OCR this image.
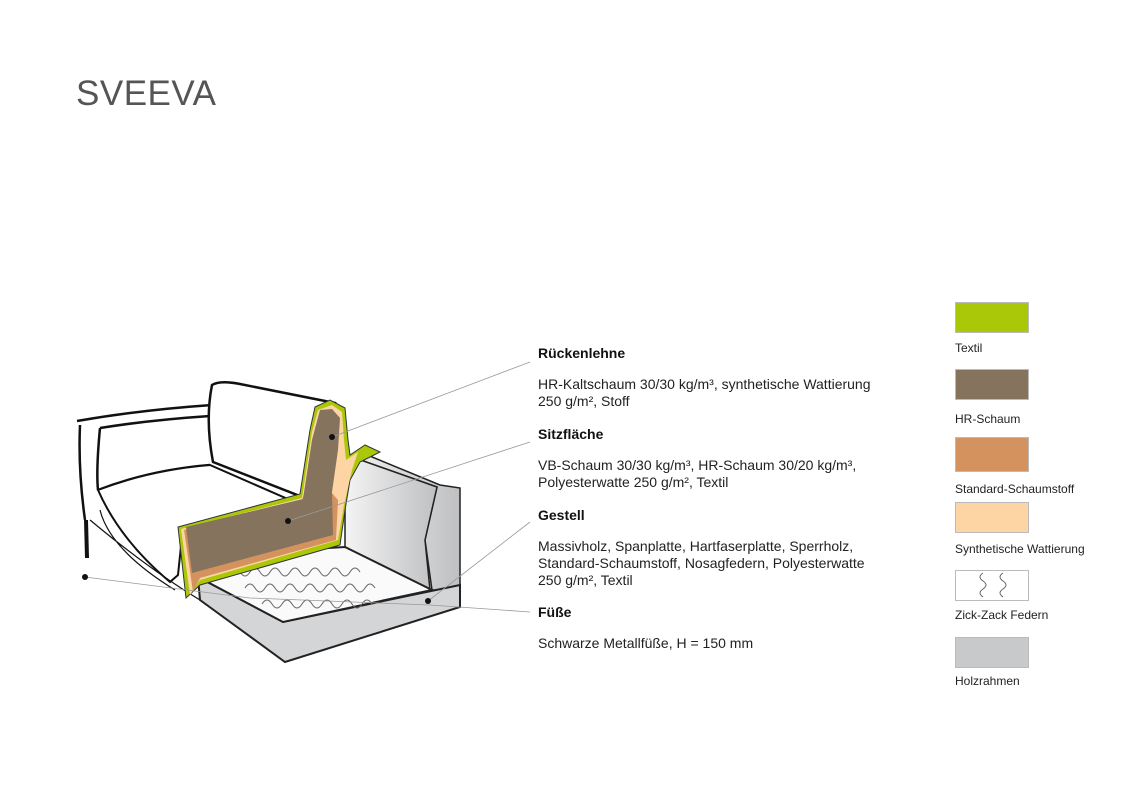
SVEEVA
Rückenlehne

HR-Kaltschaum 30/30 kg/m³, synthetische Wattierung
250 g/m², Stoff

Sitzfläche

VB-Schaum 30/30 kg/m³, HR-Schaum 30/20 kg/m³,
Polyesterwatte 250 g/m², Textil

Gestell

Massivholz, Spanplatte, Hartfaserplatte, Sperrholz,
Standard-Schaumstoff, Nosagfedern, Polyesterwatte
250 g/m², Textil

Füße

Schwarze Metallfüße, H = 150 mm

Textil
HR-Schaum
Standard-Schaumstoff
Synthetische Wattierung
Zick-Zack Federn
Holzrahmen
